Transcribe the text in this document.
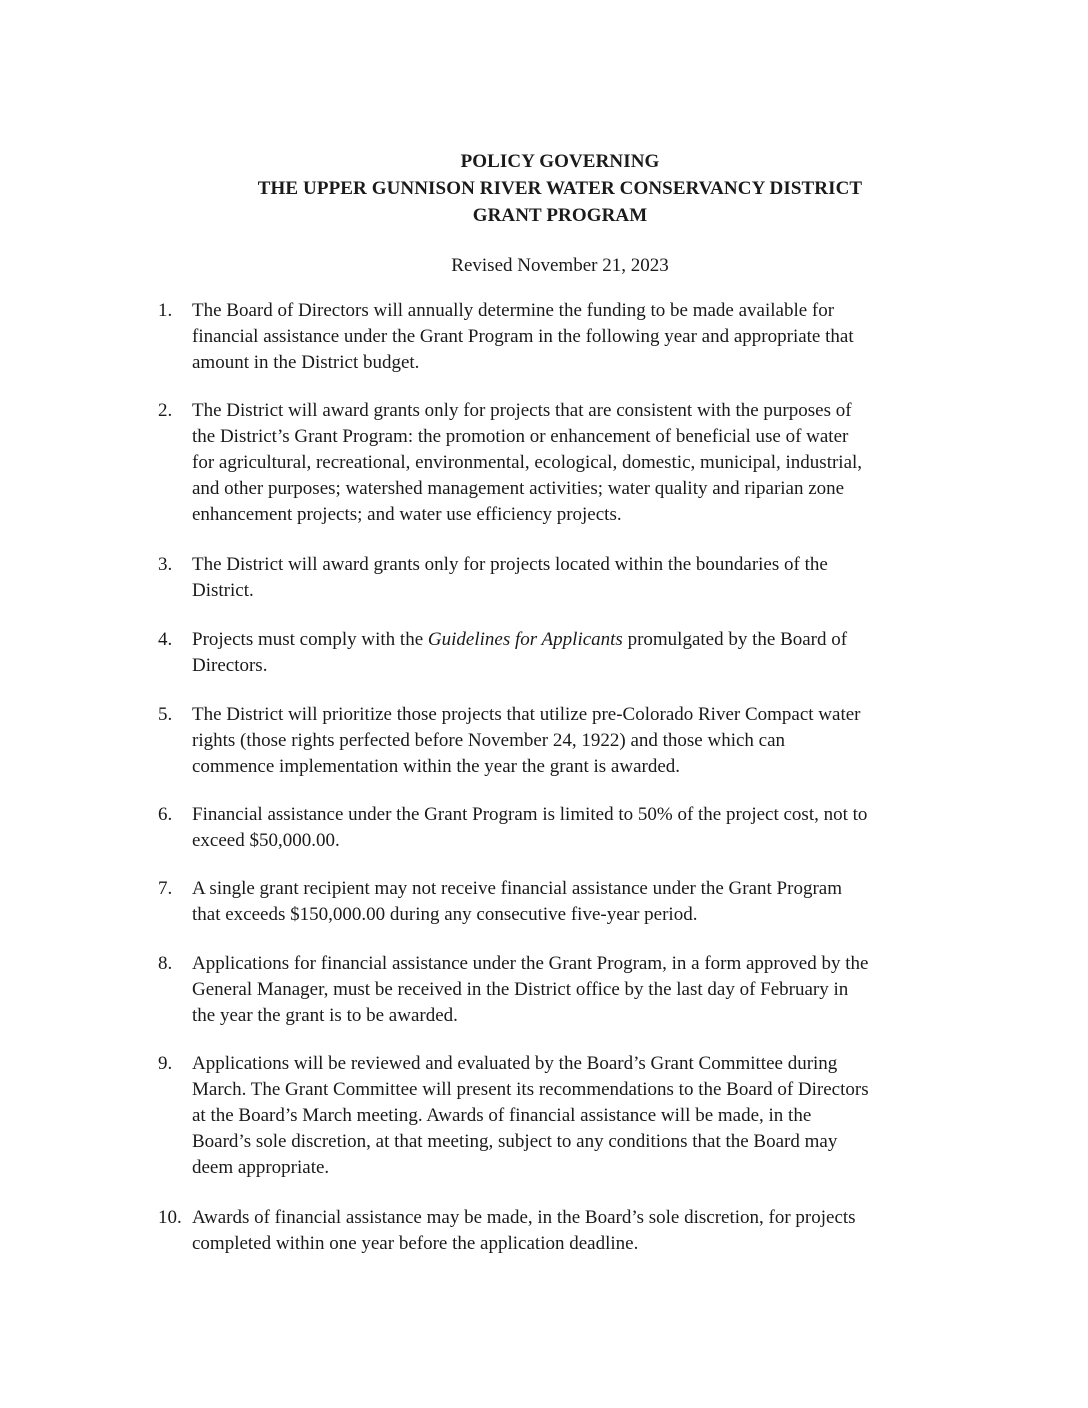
POLICY GOVERNING
THE UPPER GUNNISON RIVER WATER CONSERVANCY DISTRICT
GRANT PROGRAM
Revised November 21, 2023
1.	The Board of Directors will annually determine the funding to be made available for
financial assistance under the Grant Program in the following year and appropriate that
amount in the District budget.
2.	The District will award grants only for projects that are consistent with the purposes of
the District’s Grant Program: the promotion or enhancement of beneficial use of water
for agricultural, recreational, environmental, ecological, domestic, municipal, industrial,
and other purposes; watershed management activities; water quality and riparian zone
enhancement projects; and water use efficiency projects.
3.	The District will award grants only for projects located within the boundaries of the
District.
4.	Projects must comply with the Guidelines for Applicants promulgated by the Board of
Directors.
5.	The District will prioritize those projects that utilize pre-Colorado River Compact water
rights (those rights perfected before November 24, 1922) and those which can
commence implementation within the year the grant is awarded.
6.	Financial assistance under the Grant Program is limited to 50% of the project cost, not to
exceed $50,000.00.
7.	A single grant recipient may not receive financial assistance under the Grant Program
that exceeds $150,000.00 during any consecutive five-year period.
8.	Applications for financial assistance under the Grant Program, in a form approved by the
General Manager, must be received in the District office by the last day of February in
the year the grant is to be awarded.
9.	Applications will be reviewed and evaluated by the Board’s Grant Committee during
March. The Grant Committee will present its recommendations to the Board of Directors
at the Board’s March meeting. Awards of financial assistance will be made, in the
Board’s sole discretion, at that meeting, subject to any conditions that the Board may
deem appropriate.
10. Awards of financial assistance may be made, in the Board’s sole discretion, for projects
completed within one year before the application deadline.
